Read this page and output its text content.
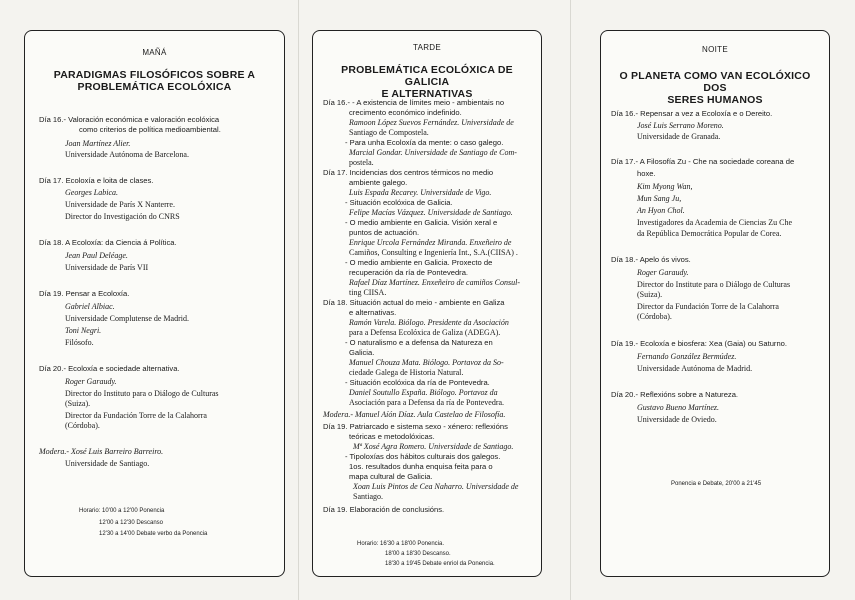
MAÑÁ
PARADIGMAS FILOSÓFICOS SOBRE A
PROBLEMÁTICA ECOLÓXICA
Día 16.- Valoración económica e valoración ecolóxica
como criterios de política medioambiental.
Joan Martínez Alier.
Universidade Autónoma de Barcelona.
Día 17. Ecoloxía e loita de clases.
Georges Labica.
Universidade de París X Nanterre.
Director do Investigación do CNRS
Día 18. A Ecoloxía: da Ciencia á Política.
Jean Paul Deléage.
Universidade de París VII
Día 19. Pensar a Ecoloxía.
Gabriel Albiac.
Universidade Complutense de Madrid.
Toni Negri.
Filósofo.
Día 20.- Ecoloxía e sociedade alternativa.
Roger Garaudy.
Director do Instituto para o Diálogo de Culturas
(Suiza).
Director da Fundación Torre de la Calahorra
(Córdoba).
Modera.- Xosé Luis Barreiro Barreiro.
Universidade de Santiago.
Horario: 10'00 a 12'00 Ponencia
12'00 a 12'30 Descanso
12'30 a 14'00 Debate verbo da Ponencia
TARDE
PROBLEMÁTICA ECOLÓXICA DE GALICIA
E ALTERNATIVAS
Día 16.- - A existencia de límites meio - ambientais no
crecimento económico indefinido.
Ramoon López Suevos Fernández. Universidade de
Santiago de Compostela.
- Para unha Ecoloxía da mente: o caso galego.
Marcial Gondar. Universidade de Santiago de Com-
postela.
Día 17. Incidencias dos centros térmicos no medio
ambiente galego.
Luis Espada Recarey. Universidade de Vigo.
- Situación ecolóxica de Galicia.
Felipe Macías Vázquez. Universidade de Santiago.
- O medio ambiente en Galicia. Visión xeral e
puntos de actuación.
Enrique Urcola Fernández Miranda. Enxeñeiro de
Camiños, Consulting e Ingeniería Int., S.A.(CIISA) .
- O medio ambiente en Galicia. Proxecto de
recuperación da ría de Pontevedra.
Rafael Díaz Martínez. Enxeñeiro de camiños Consul-
ting CIISA.
Día 18. Situación actual do meio - ambiente en Galiza
e alternativas.
Ramón Varela. Biólogo. Presidente da Asociación
para a Defensa Ecolóxica de Galiza (ADEGA).
- O naturalismo e a defensa da Natureza en
Galicia.
Manuel Chouza Mata. Biólogo. Portavoz da So-
ciedade Galega de Historia Natural.
- Situación ecolóxica da ría de Pontevedra.
Daniel Soutullo España. Biólogo. Portavoz da
Asociación para a Defensa da ría de Pontevedra.
Modera.- Manuel Aíón Díaz. Aula Castelao de Filosofía.
Día 19. Patriarcado e sistema sexo - xénero: reflexións
teóricas e metodolóxicas.
Mª Xosé Agra Romero. Universidade de Santiago.
- Tipoloxías dos hábitos culturais dos galegos.
1os. resultados dunha enquisa feita para o
mapa cultural de Galicia.
Xoan Luis Pintos de Cea Naharro. Universidade de
Santiago.
Día 19. Elaboración de conclusións.
Horario: 16'30 a 18'00 Ponencia.
18'00 a 18'30 Descanso.
18'30 a 19'45 Debate enriol da Ponencia.
NOITE
O PLANETA COMO VAN ECOLÓXICO DOS
SERES HUMANOS
Día 16.- Repensar a vez a Ecoloxía e o Dereito.
José Luis Serrano Moreno.
Universidade de Granada.
Día 17.- A Filosofía Zu - Che na sociedade coreana de
hoxe.
Kim Myong Wan,
Mun Sang Ju,
An Hyon Chol.
Investigadores da Academia de Ciencias Zu Che
da República Democrática Popular de Corea.
Día 18.- Apelo ós vivos.
Roger Garaudy.
Director do Institute para o Diálogo de Culturas
(Suiza).
Director da Fundación Torre de la Calahorra
(Córdoba).
Día 19.- Ecoloxía e biosfera: Xea (Gaia) ou Saturno.
Fernando González Bermúdez.
Universidade Autónoma de Madrid.
Día 20.- Reflexións sobre a Natureza.
Gustavo Bueno Martínez.
Universidade de Oviedo.
Ponencia e Debate, 20'00 a 21'45
